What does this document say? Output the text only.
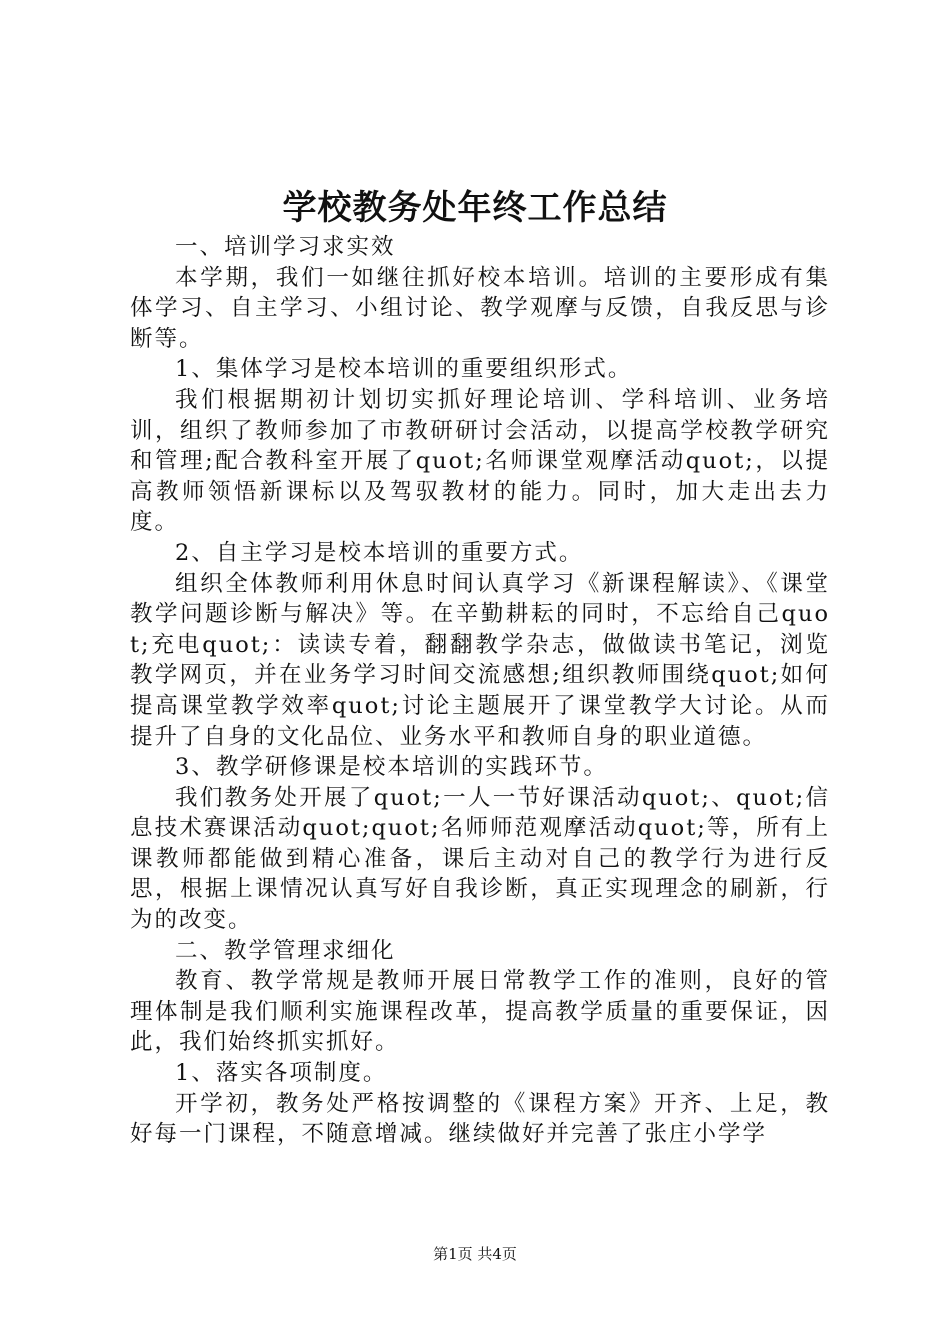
学校教务处年终工作总结

一、培训学习求实效

本学期，我们一如继往抓好校本培训。培训的主要形成有集体学习、自主学习、小组讨论、教学观摩与反馈，自我反思与诊断等。

1、集体学习是校本培训的重要组织形式。

我们根据期初计划切实抓好理论培训、学科培训、业务培训，组织了教师参加了市教研研讨会活动，以提高学校教学研究和管理;配合教科室开展了quot;名师课堂观摩活动quot;，以提高教师领悟新课标以及驾驭教材的能力。同时，加大走出去力度。

2、自主学习是校本培训的重要方式。

组织全体教师利用休息时间认真学习《新课程解读》、《课堂教学问题诊断与解决》等。在辛勤耕耘的同时，不忘给自己quot;充电quot;：读读专着，翻翻教学杂志，做做读书笔记，浏览教学网页，并在业务学习时间交流感想;组织教师围绕quot;如何提高课堂教学效率quot;讨论主题展开了课堂教学大讨论。从而提升了自身的文化品位、业务水平和教师自身的职业道德。

3、教学研修课是校本培训的实践环节。

我们教务处开展了quot;一人一节好课活动quot;、quot;信息技术赛课活动quot;quot;名师师范观摩活动quot;等，所有上课教师都能做到精心准备，课后主动对自己的教学行为进行反思，根据上课情况认真写好自我诊断，真正实现理念的刷新，行为的改变。

二、教学管理求细化

教育、教学常规是教师开展日常教学工作的准则，良好的管理体制是我们顺利实施课程改革，提高教学质量的重要保证，因此，我们始终抓实抓好。

1、落实各项制度。

开学初，教务处严格按调整的《课程方案》开齐、上足，教好每一门课程，不随意增减。继续做好并完善了张庄小学学

第1页 共4页
